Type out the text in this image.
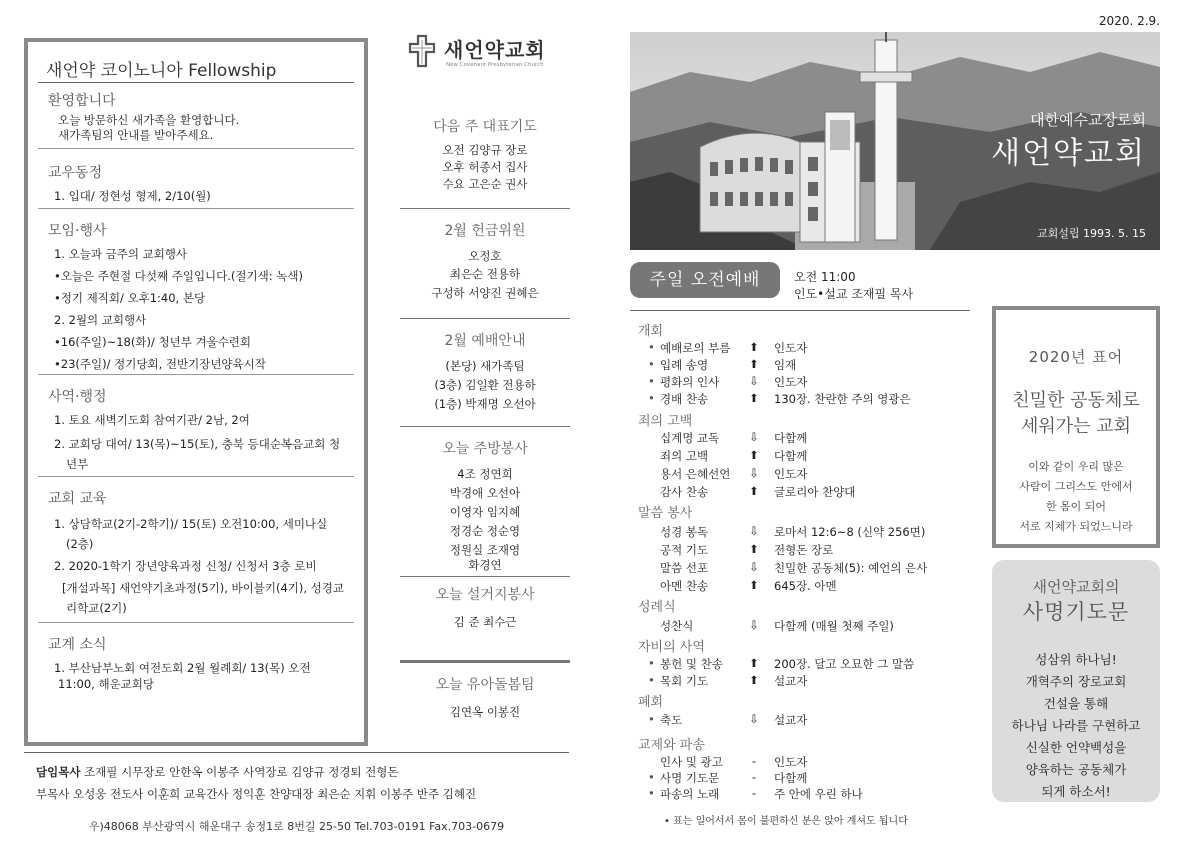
새언약 코이노니아 Fellowship
환영합니다
오늘 방문하신 새가족을 환영합니다.
새가족팀의 안내를 받아주세요.
교우동정
1. 입대/ 정현성 형제, 2/10(월)
모임·행사
1. 오늘과 금주의 교회행사
•오늘은 주현절 다섯째 주일입니다.(절기색: 녹색)
•정기 제직회/ 오후1:40, 본당
2. 2월의 교회행사
•16(주일)~18(화)/ 청년부 겨울수련회
•23(주일)/ 정기당회, 전반기장년양육시작
사역·행정
1. 토요 새벽기도회 참여기관/ 2남, 2여
2. 교회당 대여/ 13(목)~15(토), 충북 등대순복음교회 청
년부
교회 교육
1. 상담학교(2기-2학기)/ 15(토) 오전10:00, 세미나실
(2층)
2. 2020-1학기 장년양육과정 신청/ 신청서 3층 로비
[개설과목] 새언약기초과정(5기), 바이블키(4기), 성경교
리학교(2기)
교계 소식
1. 부산남부노회 여전도회 2월 월례회/ 13(목) 오전
11:00, 해운교회당
새언약교회
New Covenant Presbyterian Church
다음 주 대표기도
오전 김양규 장로
오후 허종서 집사
수요 고은순 권사
2월 헌금위원
오정호
최은순 전용하
구성하 서양진 권혜은
2월 예배안내
(본당) 새가족팀
(3층) 김일환 전용하
(1층) 박재명 오선아
오늘 주방봉사
4조 정연희
박경애 오선아
이영자 임지혜
정경순 정순영
정원실 조재영
화경연
오늘 설거지봉사
김 준 최수근
오늘 유아돌봄팀
김연옥 이봉진
담임목사 조재필 시무장로 안한옥 이봉주 사역장로 김양규 정경퇴 전형돈
부목사 오성웅 전도사 이훈희 교육간사 정익훈 찬양대장 최은순 지휘 이봉주 반주 김혜진
우)48068 부산광역시 해운대구 송정1로 8번길 25-50 Tel.703-0191 Fax.703-0679
2020. 2.9.
대한예수교장로회
새언약교회
교회설립 1993. 5. 15
주일 오전예배	오전 11:00
인도•설교 조재필 목사
개회
• 예배로의 부름 ⬆ 인도자
• 입례 송영	⬆ 임재
• 평화의 인사	⇩ 인도자
• 경배 찬송	⬆ 130장. 찬란한 주의 영광은
죄의 고백
십계명 교독	⇩ 다함께
죄의 고백	⬆ 다함께
용서 은혜선언 ⇩ 인도자
감사 찬송	⬆ 글로리아 찬양대
말씀 봉사
성경 봉독	⇩ 로마서 12:6~8 (신약 256면)
공적 기도	⬆ 전형돈 장로
말씀 선포	⇩ 친밀한 공동체(5): 예언의 은사
아멘 찬송	⬆ 645장. 아멘
성례식
성찬식	⇩ 다함께 (매월 첫째 주일)
자비의 사역
• 봉헌 및 찬송 ⬆ 200장. 달고 오묘한 그 말씀
• 목회 기도	⬆ 설교자
폐회
• 축도	⇩ 설교자
교제와 파송
인사 및 광고	-	인도자
• 사명 기도문	-	다함께
• 파송의 노래	-	주 안에 우린 하나
• 표는 일어서서 몸이 불편하신 분은 앉아 계셔도 됩니다
2020년 표어
친밀한 공동체로
세워가는 교회
이와 같이 우리 많은
사람이 그리스도 안에서
한 몸이 되어
서로 지체가 되었느니라
새언약교회의
사명기도문
성삼위 하나님!
개혁주의 장로교회
건설을 통해
하나님 나라를 구현하고
신실한 언약백성을
양육하는 공동체가
되게 하소서!
